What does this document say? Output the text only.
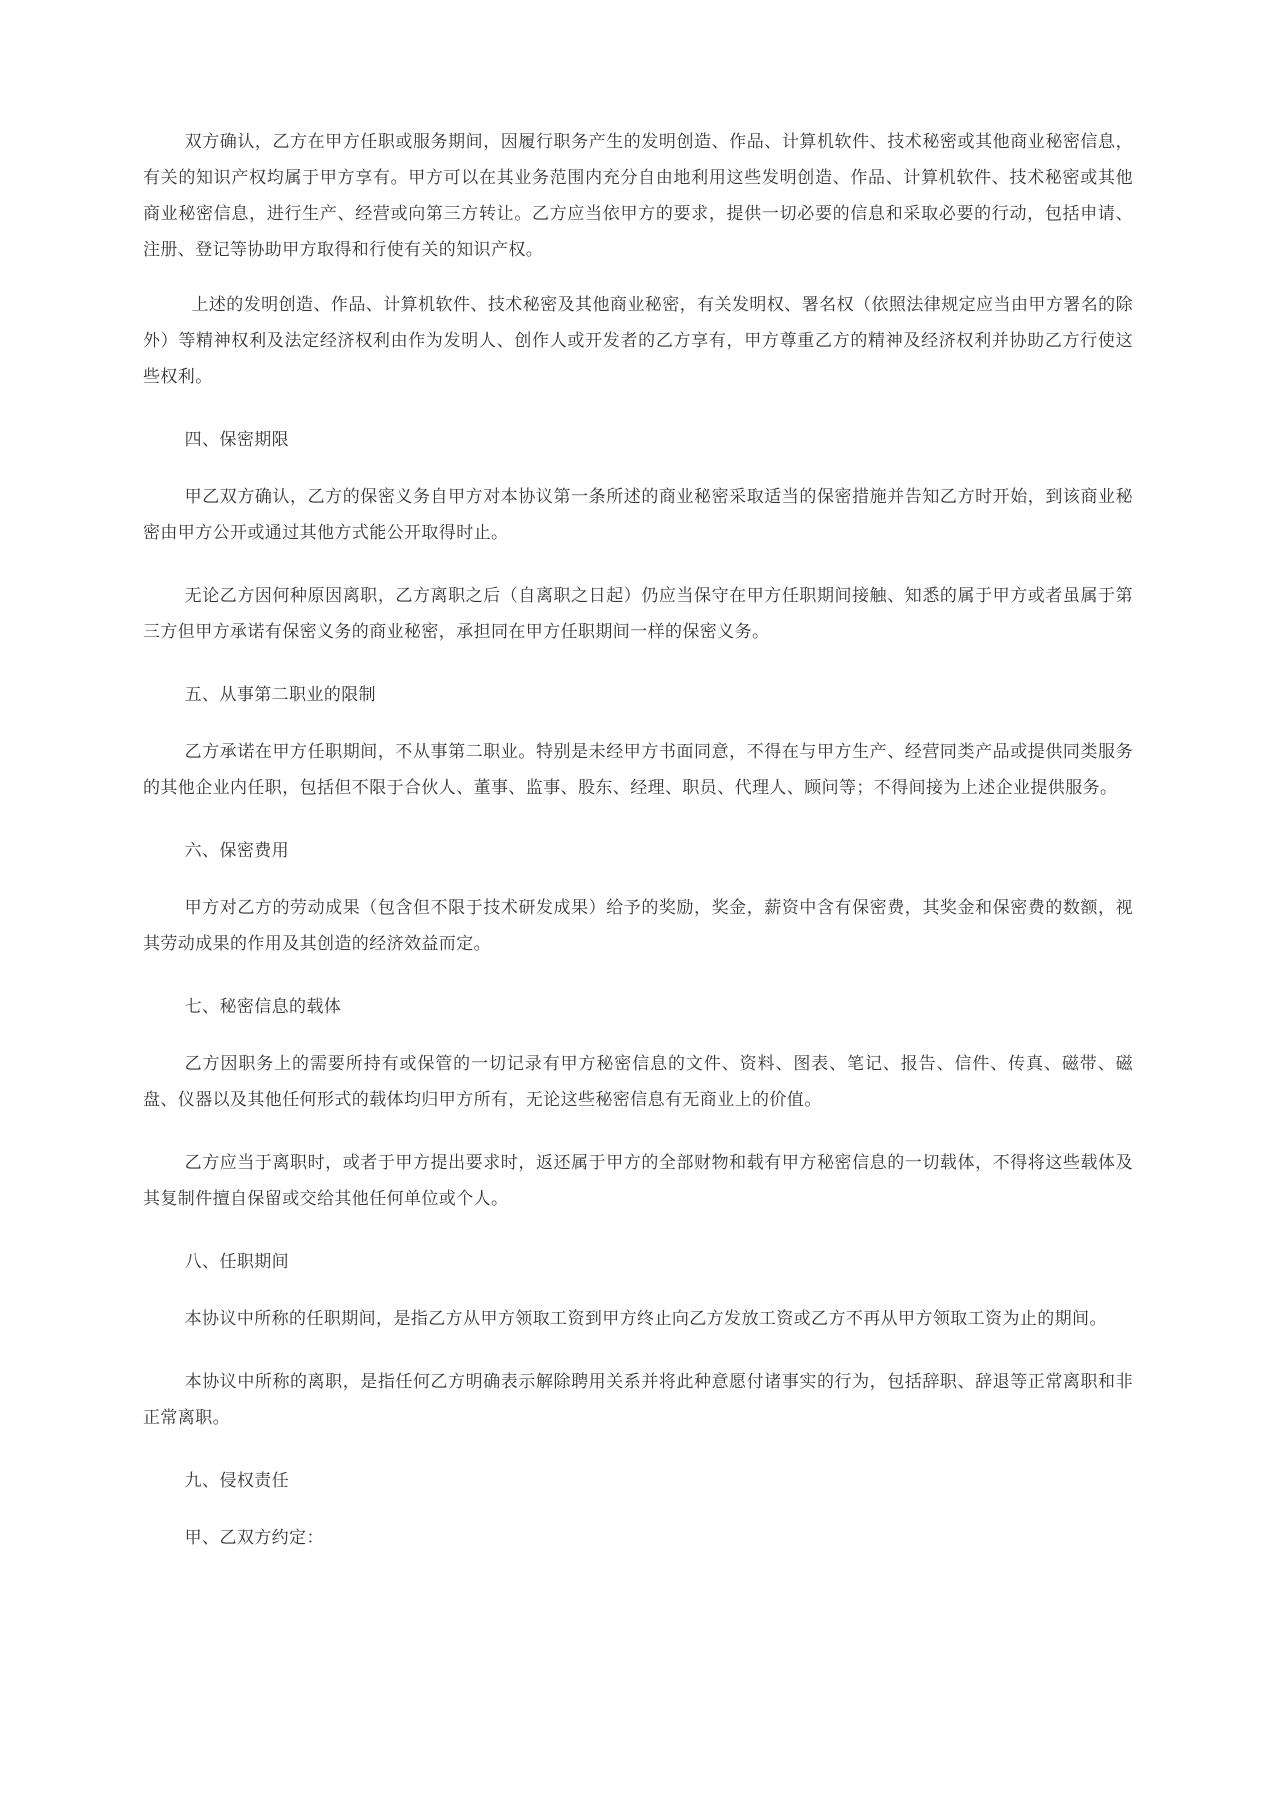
双方确认，乙方在甲方任职或服务期间，因履行职务产生的发明创造、作品、计算机软件、技术秘密或其他商业秘密信息，有关的知识产权均属于甲方享有。甲方可以在其业务范围内充分自由地利用这些发明创造、作品、计算机软件、技术秘密或其他商业秘密信息，进行生产、经营或向第三方转让。乙方应当依甲方的要求，提供一切必要的信息和采取必要的行动，包括申请、注册、登记等协助甲方取得和行使有关的知识产权。

上述的发明创造、作品、计算机软件、技术秘密及其他商业秘密，有关发明权、署名权（依照法律规定应当由甲方署名的除外）等精神权利及法定经济权利由作为发明人、创作人或开发者的乙方享有，甲方尊重乙方的精神及经济权利并协助乙方行使这些权利。

四、保密期限

甲乙双方确认，乙方的保密义务自甲方对本协议第一条所述的商业秘密采取适当的保密措施并告知乙方时开始，到该商业秘密由甲方公开或通过其他方式能公开取得时止。

无论乙方因何种原因离职，乙方离职之后（自离职之日起）仍应当保守在甲方任职期间接触、知悉的属于甲方或者虽属于第三方但甲方承诺有保密义务的商业秘密，承担同在甲方任职期间一样的保密义务。

五、从事第二职业的限制

乙方承诺在甲方任职期间，不从事第二职业。特别是未经甲方书面同意，不得在与甲方生产、经营同类产品或提供同类服务的其他企业内任职，包括但不限于合伙人、董事、监事、股东、经理、职员、代理人、顾问等；不得间接为上述企业提供服务。

六、保密费用

甲方对乙方的劳动成果（包含但不限于技术研发成果）给予的奖励，奖金，薪资中含有保密费，其奖金和保密费的数额，视其劳动成果的作用及其创造的经济效益而定。

七、秘密信息的载体

乙方因职务上的需要所持有或保管的一切记录有甲方秘密信息的文件、资料、图表、笔记、报告、信件、传真、磁带、磁盘、仪器以及其他任何形式的载体均归甲方所有，无论这些秘密信息有无商业上的价值。

乙方应当于离职时，或者于甲方提出要求时，返还属于甲方的全部财物和载有甲方秘密信息的一切载体，不得将这些载体及其复制件擅自保留或交给其他任何单位或个人。

八、任职期间

本协议中所称的任职期间，是指乙方从甲方领取工资到甲方终止向乙方发放工资或乙方不再从甲方领取工资为止的期间。

本协议中所称的离职，是指任何乙方明确表示解除聘用关系并将此种意愿付诸事实的行为，包括辞职、辞退等正常离职和非正常离职。

九、侵权责任

甲、乙双方约定：
